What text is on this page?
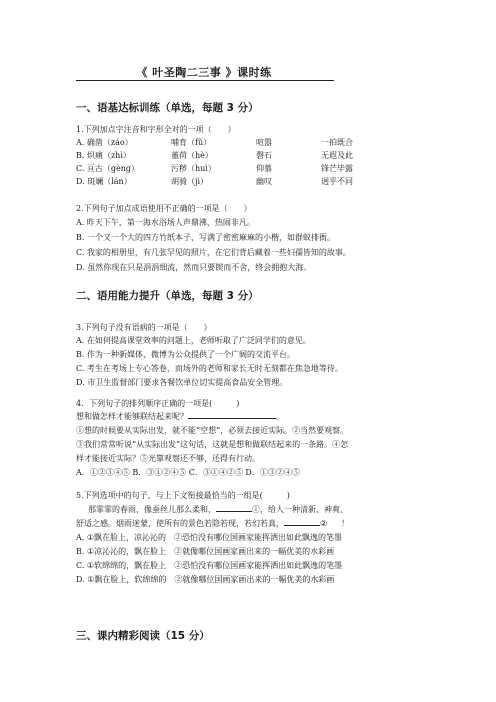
《 叶圣陶二三事 》课时练
一、语基达标训练（单选，每题 3 分）
1.下列加点字注音和字形全对的一项（　　）
A. 确凿（záo）	哺育（fǔ）	喧嚣	一拍既合
B. 炽痛（zhì）	董荷（hè）	磬石	无遐及此
C. 亘古（gèng）	污秽（huì）	仰慕	锋芒毕露
D. 斑斓（lán）	胡骑（jì）	幽叹	迥乎不同
2.下列句子加点成语使用不正确的一项是（　　）
A. 昨天下午，第一海水浴场人声鼎沸，热闹非凡。
B. 一个又一个大的四方竹纸本子，写满了密密麻麻的小楷，如群蚁排衙。
C. 我家的相册里，有几张罕见的照片，在它们背后藏着一些妇孺皆知的故事。
D. 虽然你现在只是涓涓细流，然而只要锲而不舍，终会拥抱大海。
二、语用能力提升（单选，每题 3 分）
3.下列句子没有语病的一项是（　　）
A. 在如何提高课堂效率的问题上，老师听取了广泛同学们的意见。
B. 作为一种新媒体，微博为公众提供了一个广阔的交流平台。
C. 考生在考场上专心答卷，而场外的老师和家长无时无刻都在焦急地等待。
D. 市卫生监督部门要求各餐饮单位切实提高食品安全管理。
4．下列句子的排列顺序正确的一项是(　　　)
想和做怎样才能够联结起来呢？	。
①想的时候要从实际出发，就不能“空想”，必须去接近实际。②当然要观察。
③我们常常听说“从实际出发”这句话，这就是想和做联结起来的一条路。④怎
样才能接近实际？⑤光靠观察还不够，还得有行动。
A．①②③④⑤ B．③①②④⑤ C．③①④②⑤ D．①③②④⑤
5.下列选项中的句子，与上下文衔接最恰当的一组是(　　　)
那霏霏的春雨，像蚕丝儿那么柔和，	①，给人一种清新、神爽、
舒适之感。烟雨迷蒙，使所有的景色若隐若现，若幻若真，	② ！
A. ①飘在脸上，凉沁沁的　②恐怕没有哪位国画家能挥洒出如此飘逸的笔墨
B. ①凉沁沁的，飘在脸上　②就像哪位国画家画出来的一幅优美的水彩画
C. ①软绵绵的，飘在脸上　②恐怕没有哪位国画家能挥洒出如此飘逸的笔墨
D. ①飘在脸上，软绵绵的　②就像哪位国画家画出来的一幅优美的水彩画
三、课内精彩阅读（15 分）
